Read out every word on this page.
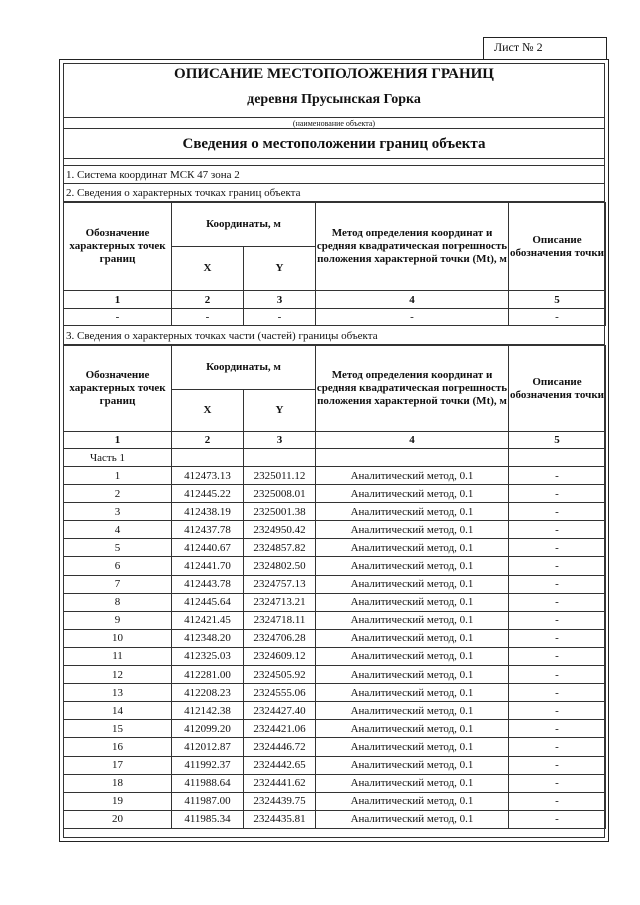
Лист № 2
ОПИСАНИЕ МЕСТОПОЛОЖЕНИЯ ГРАНИЦ
деревня Прусынская Горка
(наименование объекта)
Сведения о местоположении границ объекта
1. Система координат МСК 47 зона 2
2. Сведения о характерных точках границ объекта
Обозначение характерных точек границ	Координаты, м		Метод определения координат и средняя квадратическая погрешность положения характерной точки (Mt), м	Описание обозначения точки
	X	Y		
1	2	3	4	5
-	-	-	-	-
3. Сведения о характерных точках части (частей) границы объекта
Обозначение характерных точек границ	Координаты, м		Метод определения координат и средняя квадратическая погрешность положения характерной точки (Mt), м	Описание обозначения точки
	X	Y		
1	2	3	4	5
Часть 1				
1	412473.13	2325011.12	Аналитический метод, 0.1	-
2	412445.22	2325008.01	Аналитический метод, 0.1	-
3	412438.19	2325001.38	Аналитический метод, 0.1	-
4	412437.78	2324950.42	Аналитический метод, 0.1	-
5	412440.67	2324857.82	Аналитический метод, 0.1	-
6	412441.70	2324802.50	Аналитический метод, 0.1	-
7	412443.78	2324757.13	Аналитический метод, 0.1	-
8	412445.64	2324713.21	Аналитический метод, 0.1	-
9	412421.45	2324718.11	Аналитический метод, 0.1	-
10	412348.20	2324706.28	Аналитический метод, 0.1	-
11	412325.03	2324609.12	Аналитический метод, 0.1	-
12	412281.00	2324505.92	Аналитический метод, 0.1	-
13	412208.23	2324555.06	Аналитический метод, 0.1	-
14	412142.38	2324427.40	Аналитический метод, 0.1	-
15	412099.20	2324421.06	Аналитический метод, 0.1	-
16	412012.87	2324446.72	Аналитический метод, 0.1	-
17	411992.37	2324442.65	Аналитический метод, 0.1	-
18	411988.64	2324441.62	Аналитический метод, 0.1	-
19	411987.00	2324439.75	Аналитический метод, 0.1	-
20	411985.34	2324435.81	Аналитический метод, 0.1	-
